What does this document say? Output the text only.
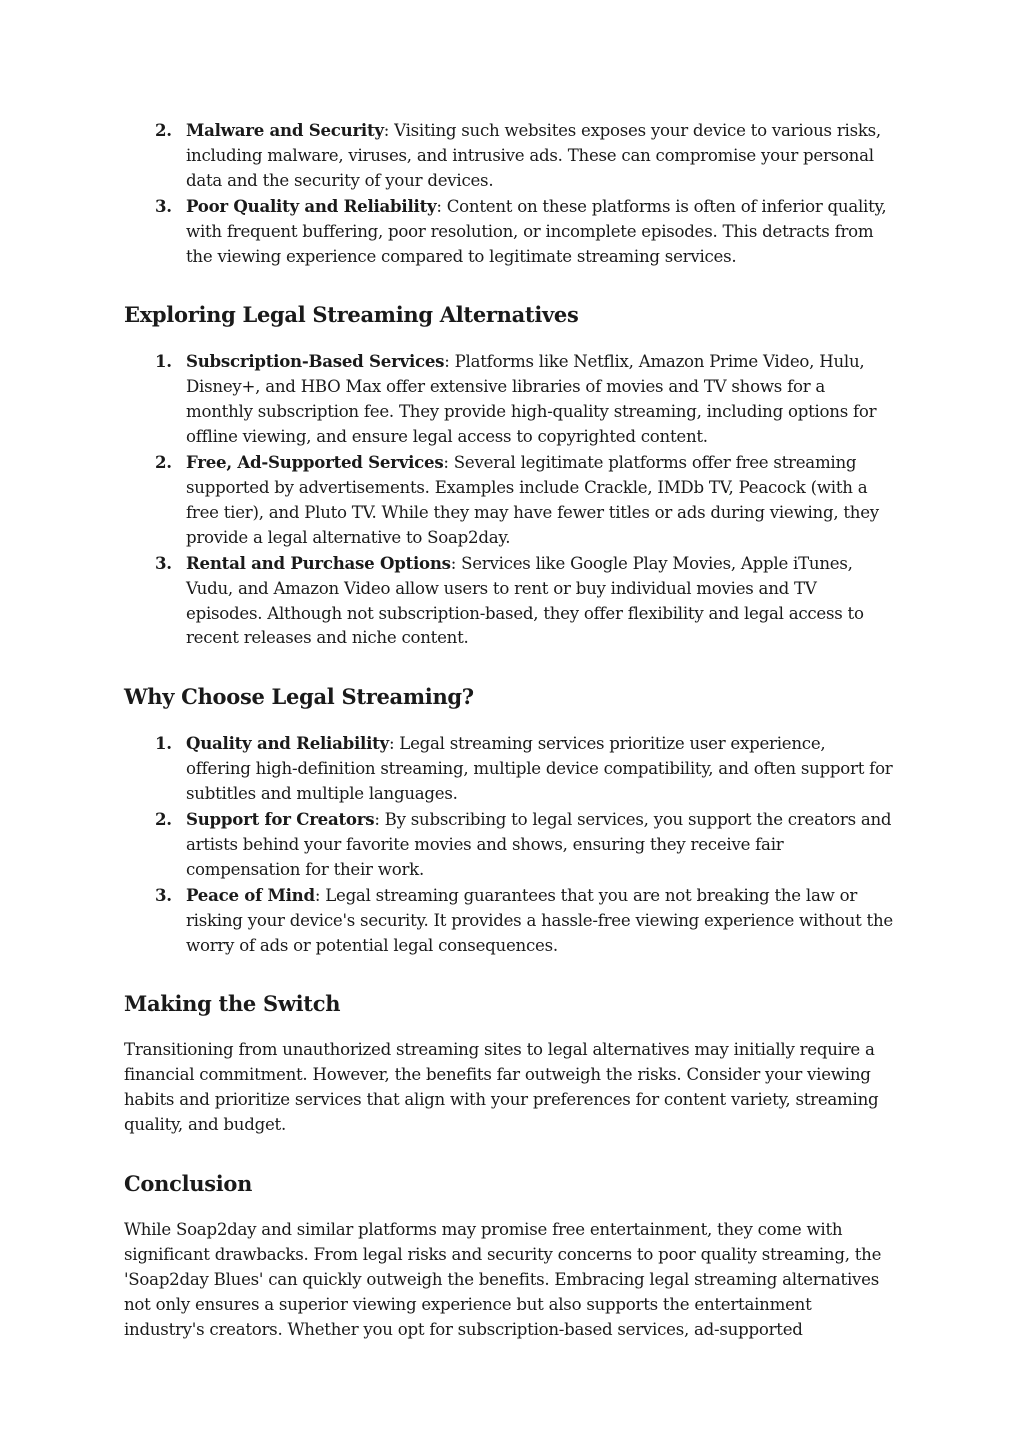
2. Malware and Security: Visiting such websites exposes your device to various risks, including malware, viruses, and intrusive ads. These can compromise your personal data and the security of your devices.
3. Poor Quality and Reliability: Content on these platforms is often of inferior quality, with frequent buffering, poor resolution, or incomplete episodes. This detracts from the viewing experience compared to legitimate streaming services.
Exploring Legal Streaming Alternatives
1. Subscription-Based Services: Platforms like Netflix, Amazon Prime Video, Hulu, Disney+, and HBO Max offer extensive libraries of movies and TV shows for a monthly subscription fee. They provide high-quality streaming, including options for offline viewing, and ensure legal access to copyrighted content.
2. Free, Ad-Supported Services: Several legitimate platforms offer free streaming supported by advertisements. Examples include Crackle, IMDb TV, Peacock (with a free tier), and Pluto TV. While they may have fewer titles or ads during viewing, they provide a legal alternative to Soap2day.
3. Rental and Purchase Options: Services like Google Play Movies, Apple iTunes, Vudu, and Amazon Video allow users to rent or buy individual movies and TV episodes. Although not subscription-based, they offer flexibility and legal access to recent releases and niche content.
Why Choose Legal Streaming?
1. Quality and Reliability: Legal streaming services prioritize user experience, offering high-definition streaming, multiple device compatibility, and often support for subtitles and multiple languages.
2. Support for Creators: By subscribing to legal services, you support the creators and artists behind your favorite movies and shows, ensuring they receive fair compensation for their work.
3. Peace of Mind: Legal streaming guarantees that you are not breaking the law or risking your device's security. It provides a hassle-free viewing experience without the worry of ads or potential legal consequences.
Making the Switch

Transitioning from unauthorized streaming sites to legal alternatives may initially require a financial commitment. However, the benefits far outweigh the risks. Consider your viewing habits and prioritize services that align with your preferences for content variety, streaming quality, and budget.

Conclusion

While Soap2day and similar platforms may promise free entertainment, they come with significant drawbacks. From legal risks and security concerns to poor quality streaming, the 'Soap2day Blues' can quickly outweigh the benefits. Embracing legal streaming alternatives not only ensures a superior viewing experience but also supports the entertainment industry's creators. Whether you opt for subscription-based services, ad-supported
